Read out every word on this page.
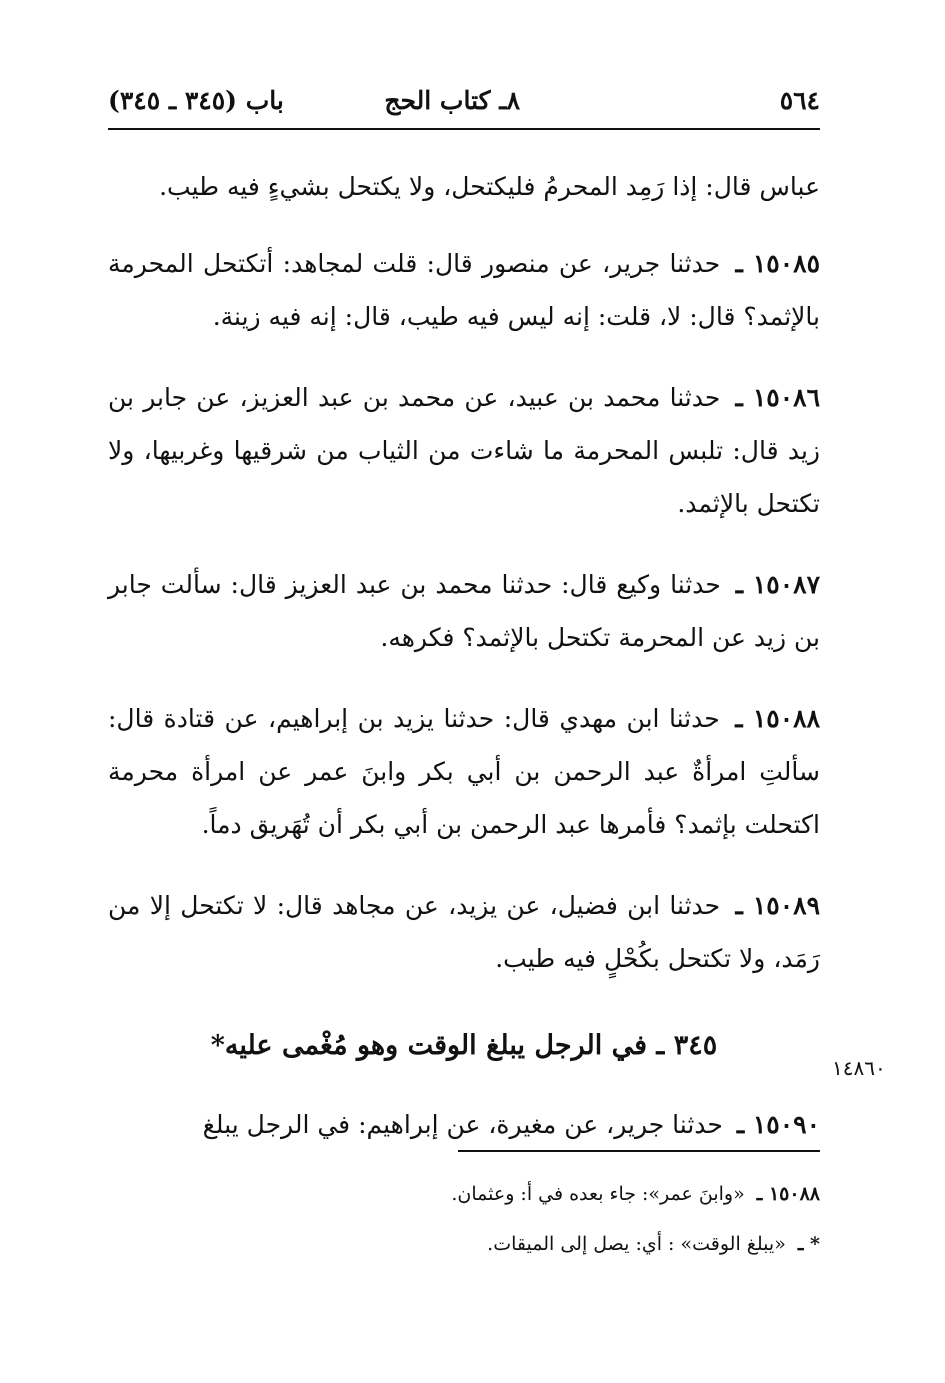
٥٦٤
٨ـ كتاب الحج
باب (٣٤٥ ـ ٣٤٥)

عباس قال: إذا رَمِد المحرمُ فليكتحل، ولا يكتحل بشيءٍ فيه طيب.

١٥٠٨٥ ـ حدثنا جرير، عن منصور قال: قلت لمجاهد: أتكتحل المحرمة بالإثمد؟ قال: لا، قلت: إنه ليس فيه طيب، قال: إنه فيه زينة.

١٥٠٨٦ ـ حدثنا محمد بن عبيد، عن محمد بن عبد العزيز، عن جابر بن زيد قال: تلبس المحرمة ما شاءت من الثياب من شرقيها وغربيها، ولا تكتحل بالإثمد.

١٥٠٨٧ ـ حدثنا وكيع قال: حدثنا محمد بن عبد العزيز قال: سألت جابر بن زيد عن المحرمة تكتحل بالإثمد؟ فكرهه.

١٥٠٨٨ ـ حدثنا ابن مهدي قال: حدثنا يزيد بن إبراهيم، عن قتادة قال: سألتِ امرأةٌ عبد الرحمن بن أبي بكر وابنَ عمر عن امرأة محرمة اكتحلت بإثمد؟ فأمرها عبد الرحمن بن أبي بكر أن تُهَريق دماً.

١٥٠٨٩ ـ حدثنا ابن فضيل، عن يزيد، عن مجاهد قال: لا تكتحل إلا من رَمَد، ولا تكتحل بكُحْلٍ فيه طيب.

٣٤٥ ـ في الرجل يبلغ الوقت وهو مُغْمى عليه*

١٥٠٩٠ ـ حدثنا جرير، عن مغيرة، عن إبراهيم: في الرجل يبلغ

١٤٨٦٠

١٥٠٨٨ ـ «وابنَ عمر»: جاء بعده في أ: وعثمان.

* ـ «يبلغ الوقت» : أي: يصل إلى الميقات.
